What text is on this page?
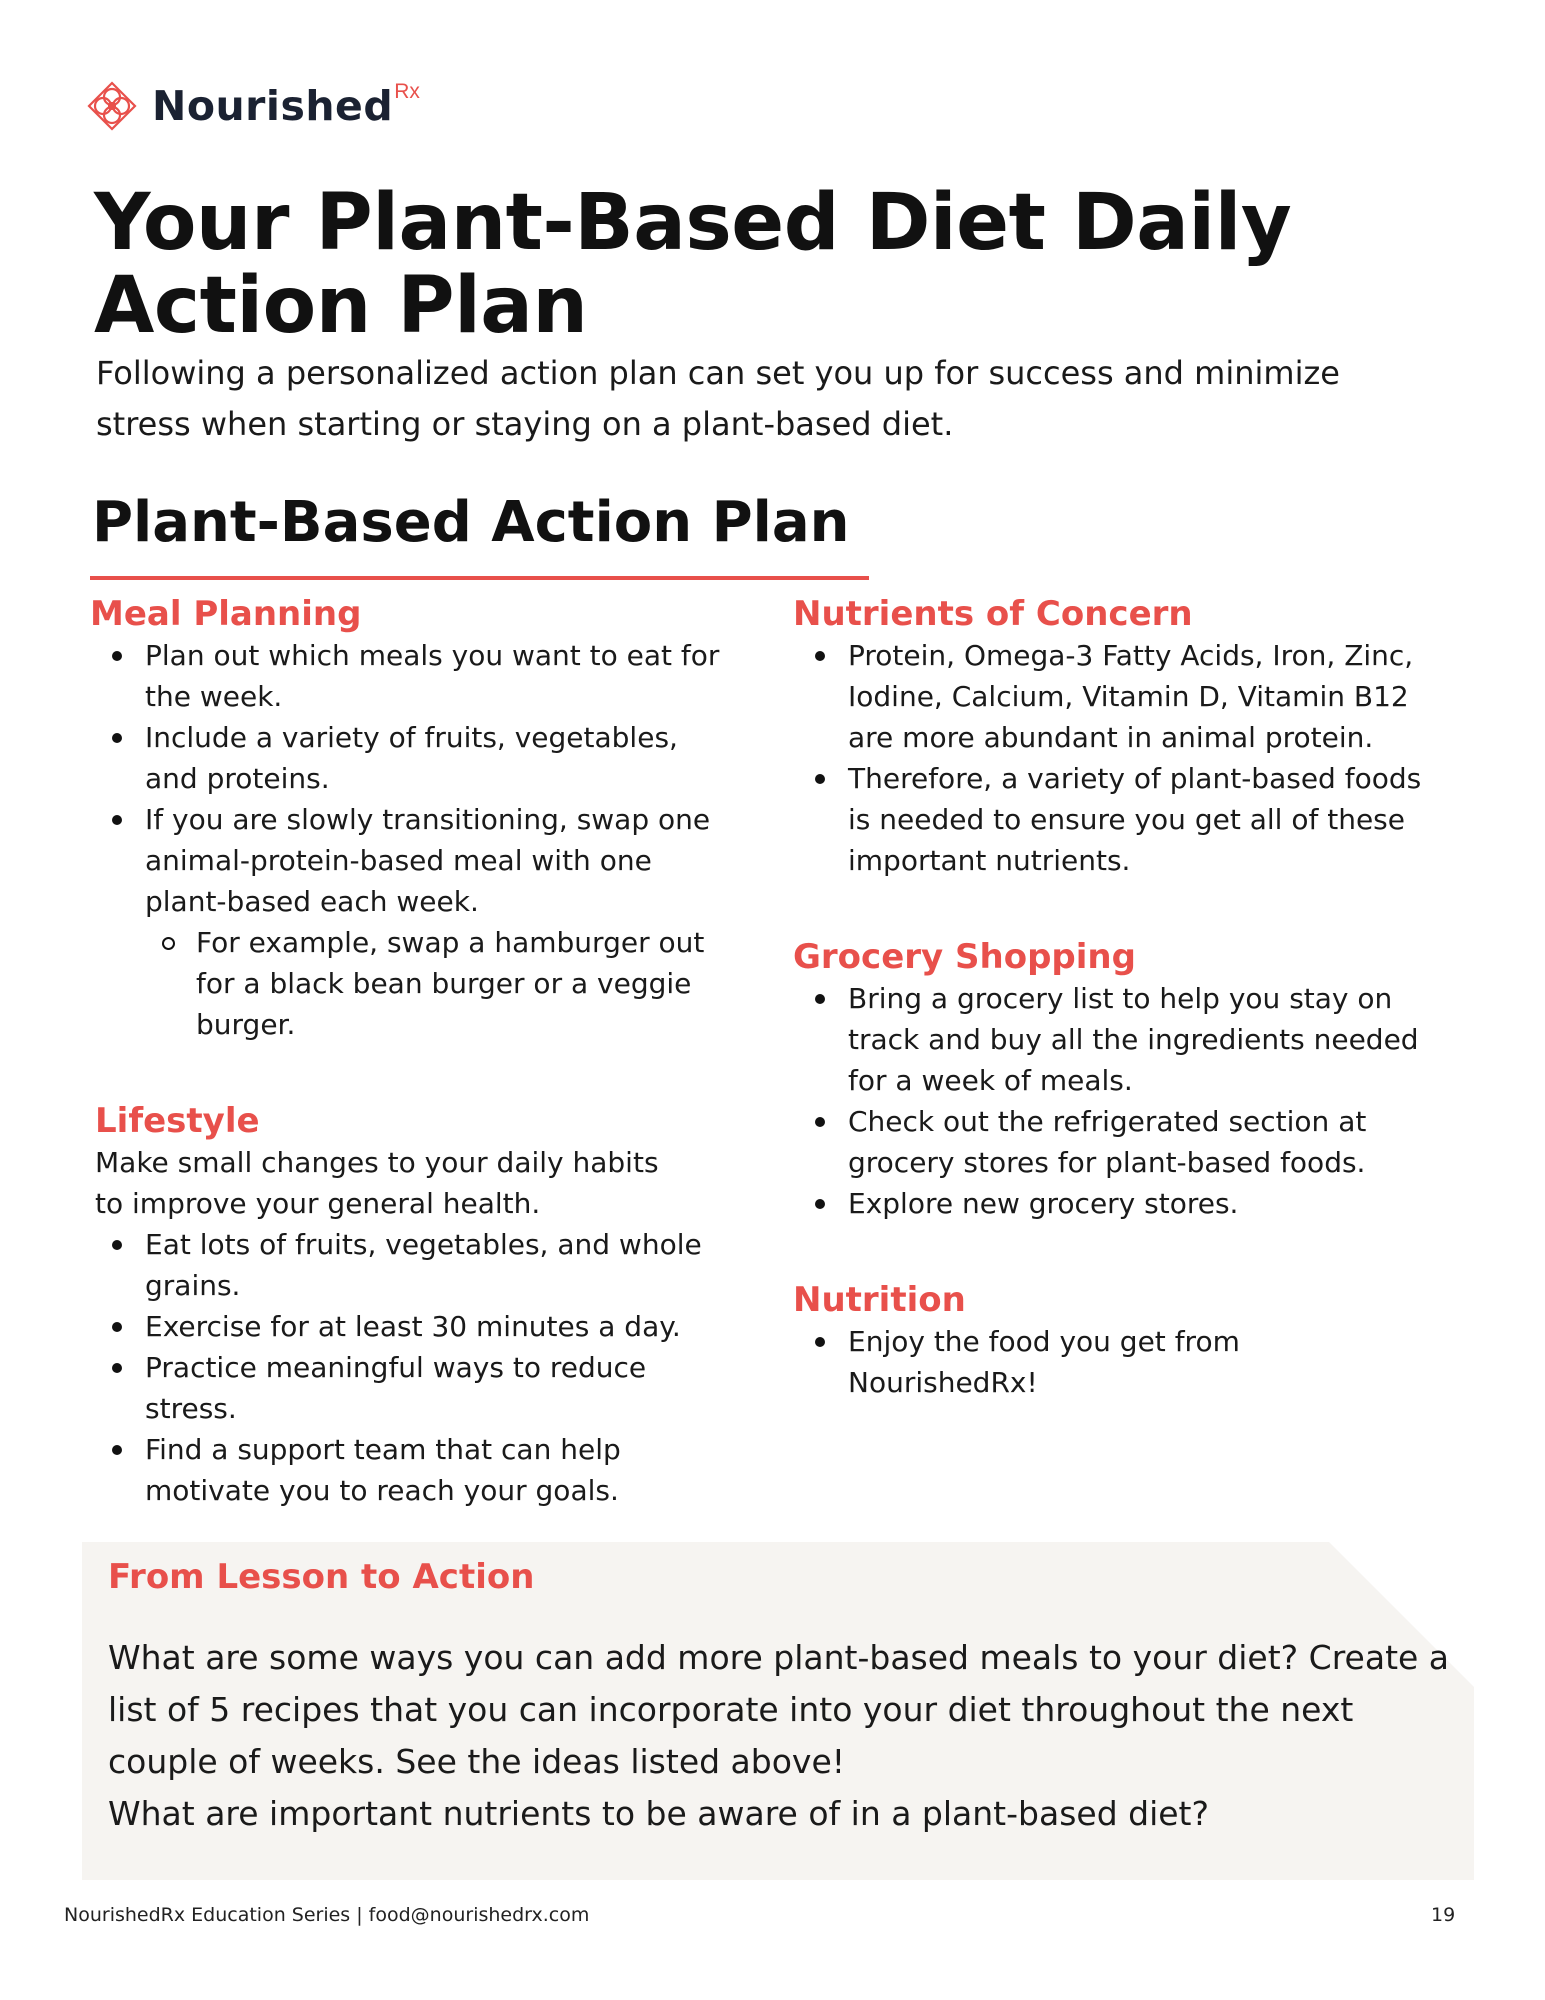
Nourished Rx
Your Plant-Based Diet Daily Action Plan

Following a personalized action plan can set you up for success and minimize stress when starting or staying on a plant-based diet.

Plant-Based Action Plan
Meal Planning
Plan out which meals you want to eat for the week.
Include a variety of fruits, vegetables, and proteins.
If you are slowly transitioning, swap one animal-protein-based meal with one plant-based each week.
For example, swap a hamburger out for a black bean burger or a veggie burger.
Lifestyle

Make small changes to your daily habits to improve your general health.

Eat lots of fruits, vegetables, and whole grains.
Exercise for at least 30 minutes a day.
Practice meaningful ways to reduce stress.
Find a support team that can help motivate you to reach your goals.
Nutrients of Concern
Protein, Omega-3 Fatty Acids, Iron, Zinc, Iodine, Calcium, Vitamin D, Vitamin B12 are more abundant in animal protein.
Therefore, a variety of plant-based foods is needed to ensure you get all of these important nutrients.
Grocery Shopping
Bring a grocery list to help you stay on track and buy all the ingredients needed for a week of meals.
Check out the refrigerated section at grocery stores for plant-based foods.
Explore new grocery stores.
Nutrition
Enjoy the food you get from NourishedRx!
From Lesson to Action

What are some ways you can add more plant-based meals to your diet? Create a list of 5 recipes that you can incorporate into your diet throughout the next couple of weeks. See the ideas listed above!

What are important nutrients to be aware of in a plant-based diet?

NourishedRx Education Series | food@nourishedrx.com	19
